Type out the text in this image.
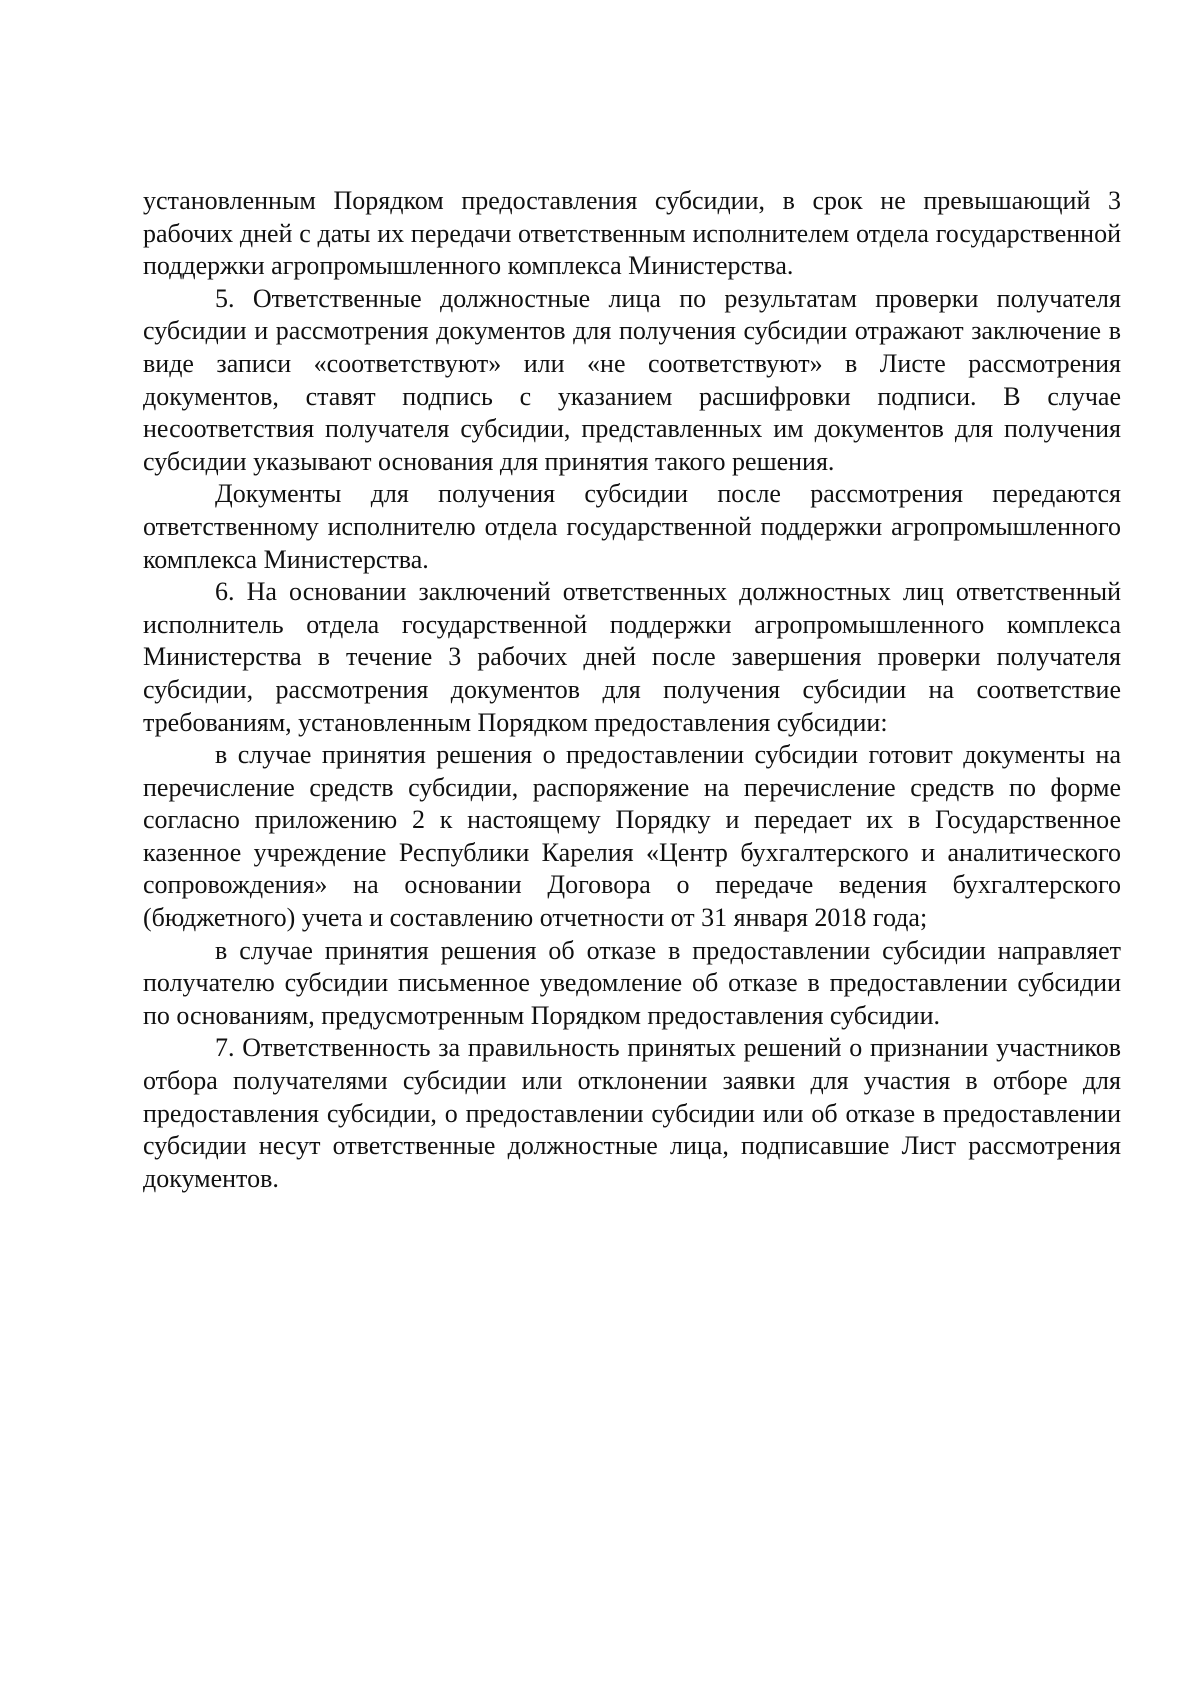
установленным Порядком предоставления субсидии, в срок не превышающий 3 рабочих дней с даты их передачи ответственным исполнителем отдела государственной поддержки агропромышленного комплекса Министерства.

5. Ответственные должностные лица по результатам проверки получателя субсидии и рассмотрения документов для получения субсидии отражают заключение в виде записи «соответствуют» или «не соответствуют» в Листе рассмотрения документов, ставят подпись с указанием расшифровки подписи. В случае несоответствия получателя субсидии, представленных им документов для получения субсидии указывают основания для принятия такого решения.

Документы для получения субсидии после рассмотрения передаются ответственному исполнителю отдела государственной поддержки агропромышленного комплекса Министерства.

6. На основании заключений ответственных должностных лиц ответственный исполнитель отдела государственной поддержки агропромышленного комплекса Министерства в течение 3 рабочих дней после завершения проверки получателя субсидии, рассмотрения документов для получения субсидии на соответствие требованиям, установленным Порядком предоставления субсидии:

в случае принятия решения о предоставлении субсидии готовит документы на перечисление средств субсидии, распоряжение на перечисление средств по форме согласно приложению 2 к настоящему Порядку и передает их в Государственное казенное учреждение Республики Карелия «Центр бухгалтерского и аналитического сопровождения» на основании Договора о передаче ведения бухгалтерского (бюджетного) учета и составлению отчетности от 31 января 2018 года;

в случае принятия решения об отказе в предоставлении субсидии направляет получателю субсидии письменное уведомление об отказе в предоставлении субсидии по основаниям, предусмотренным Порядком предоставления субсидии.

7. Ответственность за правильность принятых решений о признании участников отбора получателями субсидии или отклонении заявки для участия в отборе для предоставления субсидии, о предоставлении субсидии или об отказе в предоставлении субсидии несут ответственные должностные лица, подписавшие Лист рассмотрения документов.
